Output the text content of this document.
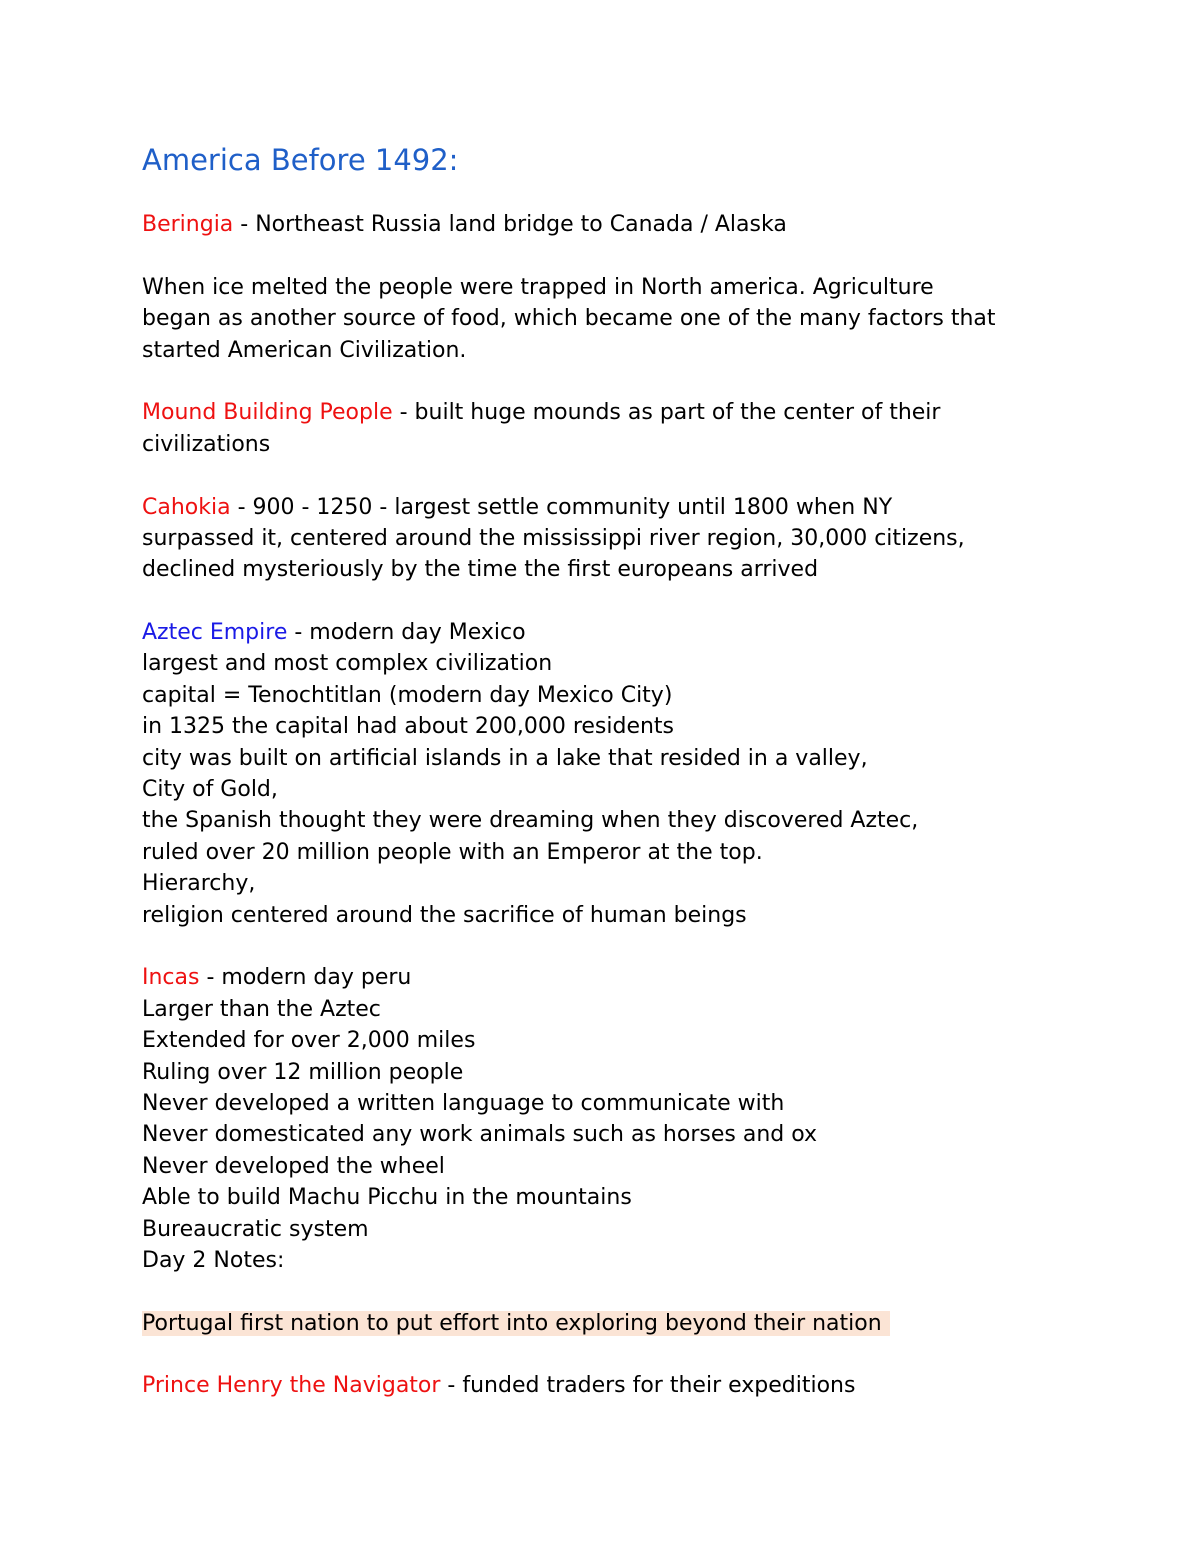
America Before 1492:
Beringia - Northeast Russia land bridge to Canada / Alaska
When ice melted the people were trapped in North america. Agriculture
began as another source of food, which became one of the many factors that
started American Civilization.
Mound Building People - built huge mounds as part of the center of their
civilizations
Cahokia - 900 - 1250 - largest settle community until 1800 when NY
surpassed it, centered around the mississippi river region, 30,000 citizens,
declined mysteriously by the time the first europeans arrived
Aztec Empire - modern day Mexico
largest and most complex civilization
capital = Tenochtitlan (modern day Mexico City)
in 1325 the capital had about 200,000 residents
city was built on artificial islands in a lake that resided in a valley,
City of Gold,
the Spanish thought they were dreaming when they discovered Aztec,
ruled over 20 million people with an Emperor at the top.
Hierarchy,
religion centered around the sacrifice of human beings
Incas - modern day peru
Larger than the Aztec
Extended for over 2,000 miles
Ruling over 12 million people
Never developed a written language to communicate with
Never domesticated any work animals such as horses and ox
Never developed the wheel
Able to build Machu Picchu in the mountains
Bureaucratic system
Day 2 Notes:
Portugal first nation to put effort into exploring beyond their nation
Prince Henry the Navigator - funded traders for their expeditions
